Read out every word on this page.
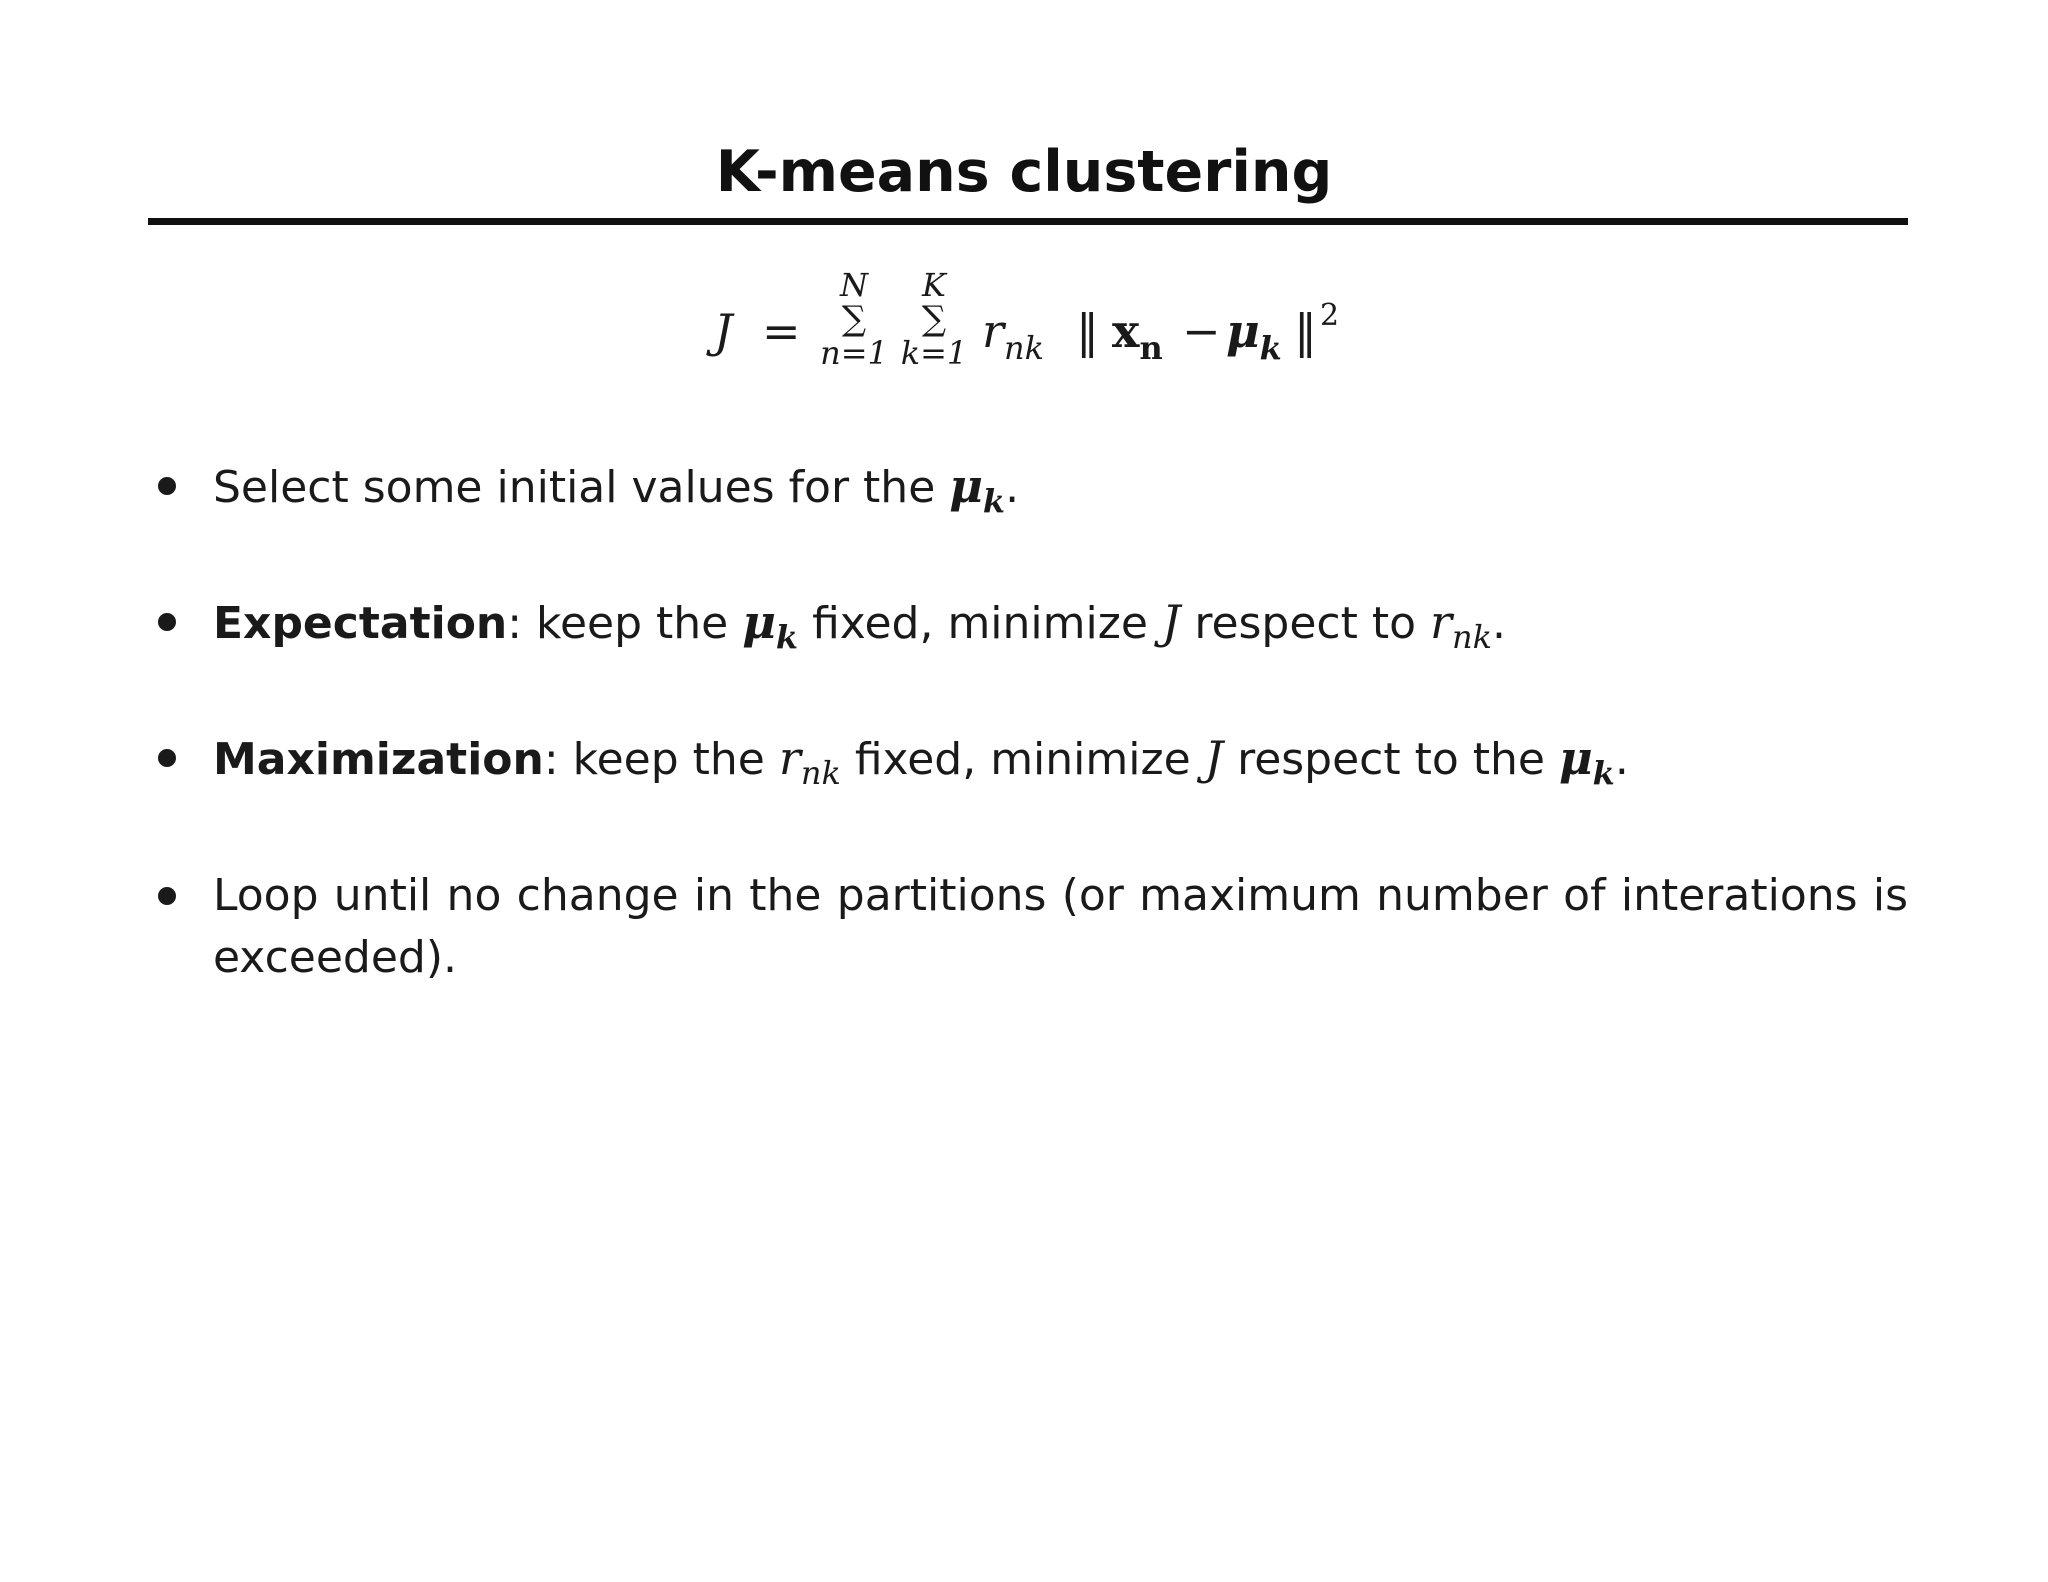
K-means clustering
J =
N
∑
n=1
K
∑
k=1 $r_{nk}$ ‖ $x_n - \mu_k$ ‖ $^2$
Select some initial values for the $\mu_k$.
Expectation: keep the $\mu_k$ fixed, minimize J respect to $r_{nk}$.
Maximization: keep the $r_{nk}$ fixed, minimize J respect to the $\mu_k$.
Loop until no change in the partitions (or maximum number of interations is exceeded).
